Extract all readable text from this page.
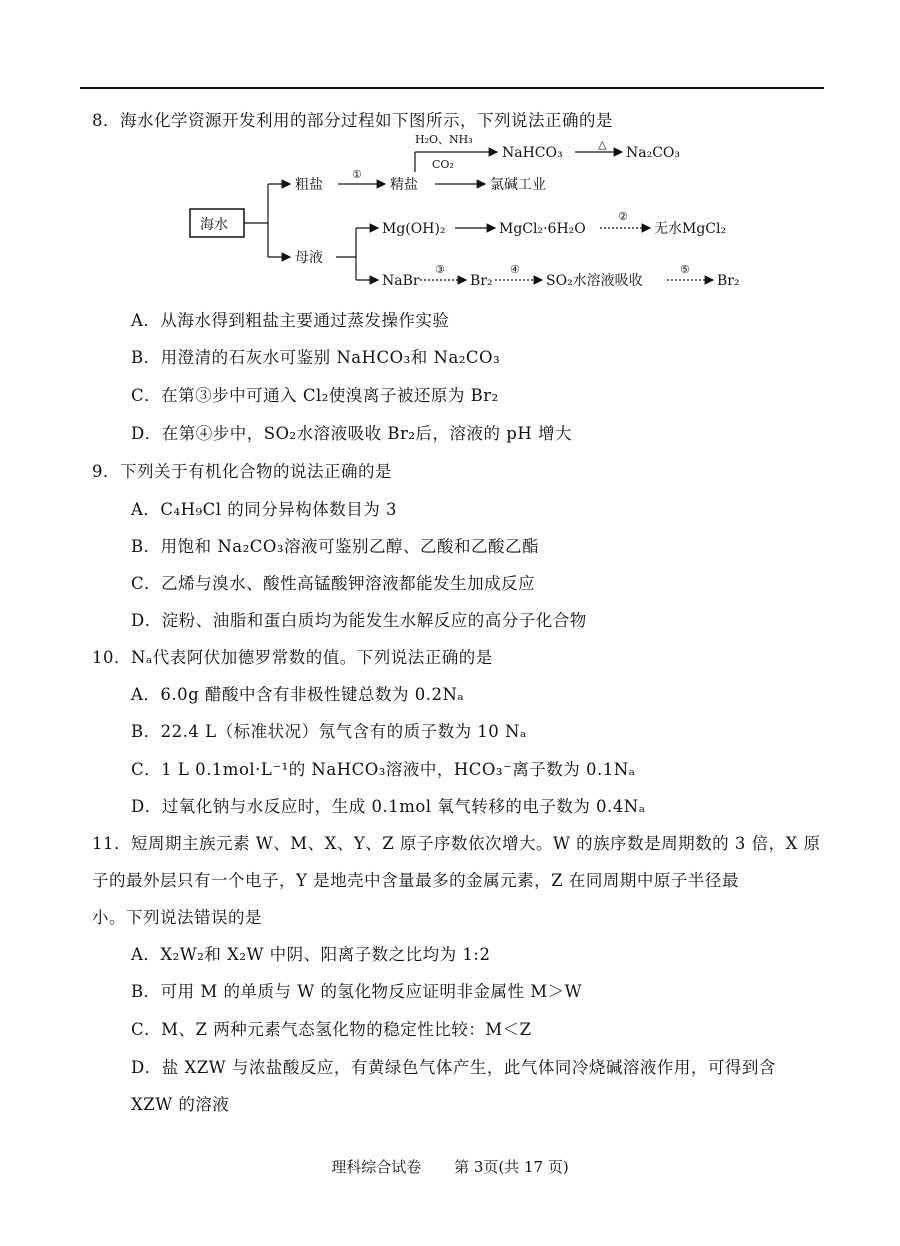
8．海水化学资源开发利用的部分过程如下图所示，下列说法正确的是
海水
粗盐
①
精盐	氯碱工业
H₂O、NH₃
CO₂
NaHCO₃
△
Na₂CO₃
母液
Mg(OH)₂	MgCl₂·6H₂O
②
无水MgCl₂
NaBr
③
Br₂
④
SO₂水溶液吸收
⑤
Br₂
A．从海水得到粗盐主要通过蒸发操作实验
B．用澄清的石灰水可鉴别 NaHCO₃和 Na₂CO₃
C．在第③步中可通入 Cl₂使溴离子被还原为 Br₂
D．在第④步中，SO₂水溶液吸收 Br₂后，溶液的 pH 增大
9．下列关于有机化合物的说法正确的是
A．C₄H₉Cl 的同分异构体数目为 3
B．用饱和 Na₂CO₃溶液可鉴别乙醇、乙酸和乙酸乙酯
C．乙烯与溴水、酸性高锰酸钾溶液都能发生加成反应
D．淀粉、油脂和蛋白质均为能发生水解反应的高分子化合物
10．Nₐ代表阿伏加德罗常数的值。下列说法正确的是
A．6.0g 醋酸中含有非极性键总数为 0.2Nₐ
B．22.4 L（标准状况）氖气含有的质子数为 10 Nₐ
C．1 L 0.1mol·L⁻¹的 NaHCO₃溶液中，HCO₃⁻离子数为 0.1Nₐ
D．过氧化钠与水反应时，生成 0.1mol 氧气转移的电子数为 0.4Nₐ
11．短周期主族元素 W、M、X、Y、Z 原子序数依次增大。W 的族序数是周期数的 3 倍，X 原
子的最外层只有一个电子，Y 是地壳中含量最多的金属元素，Z 在同周期中原子半径最
小。下列说法错误的是
A．X₂W₂和 X₂W 中阴、阳离子数之比均为 1:2
B．可用 M 的单质与 W 的氢化物反应证明非金属性 M＞W
C．M、Z 两种元素气态氢化物的稳定性比较：M＜Z
D．盐 XZW 与浓盐酸反应，有黄绿色气体产生，此气体同冷烧碱溶液作用，可得到含
XZW 的溶液
理科综合试卷 第 3页(共 17 页)
